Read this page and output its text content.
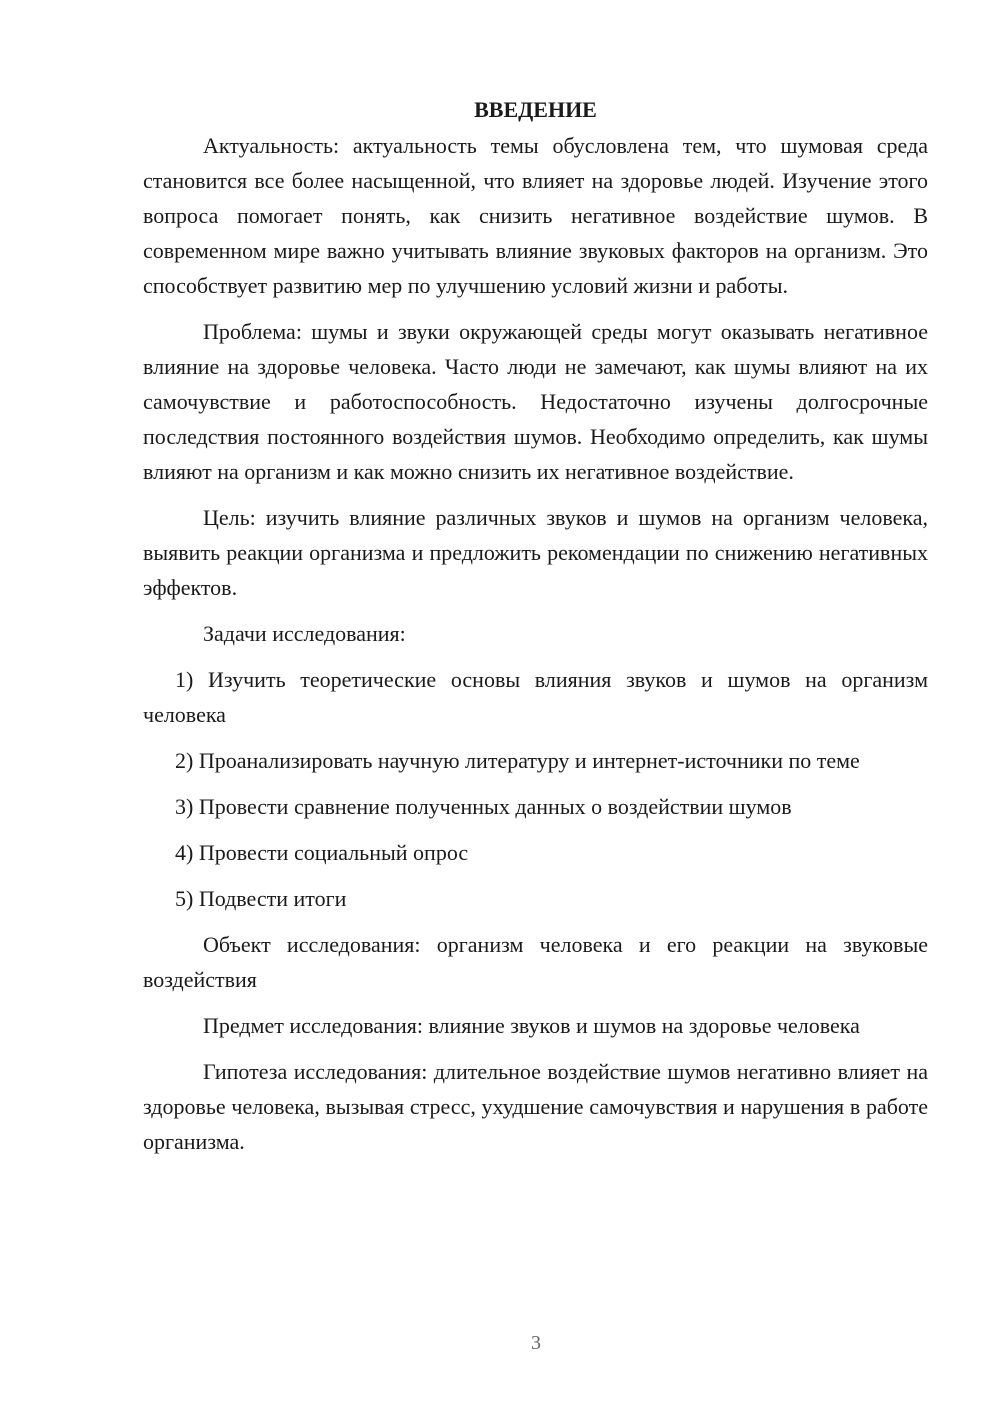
ВВЕДЕНИЕ

Актуальность: актуальность темы обусловлена тем, что шумовая среда становится все более насыщенной, что влияет на здоровье людей. Изучение этого вопроса помогает понять, как снизить негативное воздействие шумов. В современном мире важно учитывать влияние звуковых факторов на организм. Это способствует развитию мер по улучшению условий жизни и работы.

Проблема: шумы и звуки окружающей среды могут оказывать негативное влияние на здоровье человека. Часто люди не замечают, как шумы влияют на их самочувствие и работоспособность. Недостаточно изучены долгосрочные последствия постоянного воздействия шумов. Необходимо определить, как шумы влияют на организм и как можно снизить их негативное воздействие.

Цель: изучить влияние различных звуков и шумов на организм человека, выявить реакции организма и предложить рекомендации по снижению негативных эффектов.

Задачи исследования:

1) Изучить теоретические основы влияния звуков и шумов на организм человека

2) Проанализировать научную литературу и интернет-источники по теме

3) Провести сравнение полученных данных о воздействии шумов

4) Провести социальный опрос

5) Подвести итоги

Объект исследования: организм человека и его реакции на звуковые воздействия

Предмет исследования: влияние звуков и шумов на здоровье человека

Гипотеза исследования: длительное воздействие шумов негативно влияет на здоровье человека, вызывая стресс, ухудшение самочувствия и нарушения в работе организма.

3
